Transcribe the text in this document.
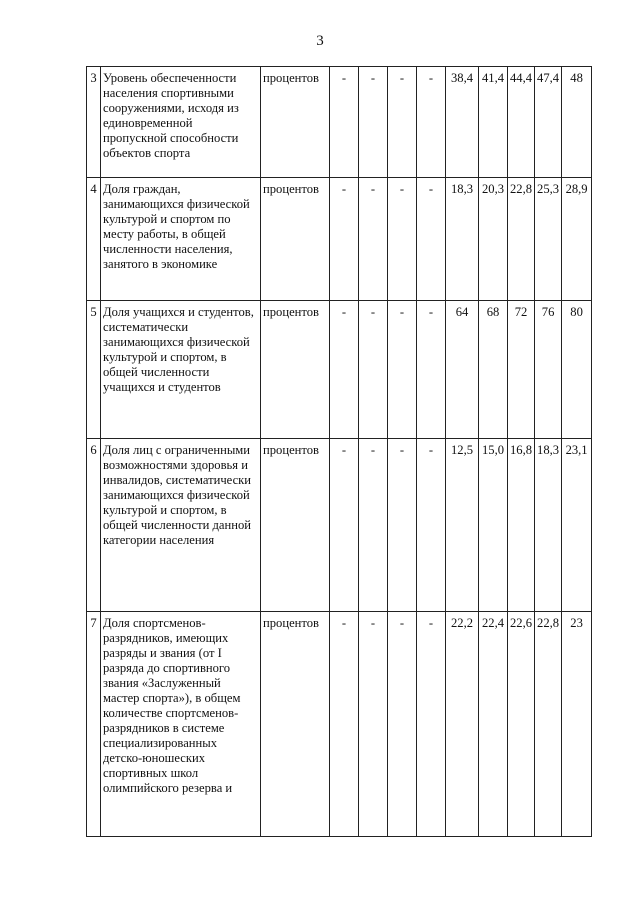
3
3	Уровень обеспеченности населения спортивными сооружениями, исходя из единовременной пропускной способности объектов спорта	процентов	-	-	-	-	38,4	41,4	44,4	47,4	48
4	Доля граждан, занимающихся физической культурой и спортом по месту работы, в общей численности населения, занятого в экономике	процентов	-	-	-	-	18,3	20,3	22,8	25,3	28,9
5	Доля учащихся и студентов, систематически занимающихся физической культурой и спортом, в общей численности учащихся и студентов	процентов	-	-	-	-	64	68	72	76	80
6	Доля лиц с ограниченными возможностями здоровья и инвалидов, систематически занимающихся физической культурой и спортом, в общей численности данной категории населения	процентов	-	-	-	-	12,5	15,0	16,8	18,3	23,1
7	Доля спортсменов-разрядников, имеющих разряды и звания (от I разряда до спортивного звания «Заслуженный мастер спорта»), в общем количестве спортсменов-разрядников в системе специализированных детско-юношеских спортивных школ олимпийского резерва и	процентов	-	-	-	-	22,2	22,4	22,6	22,8	23
